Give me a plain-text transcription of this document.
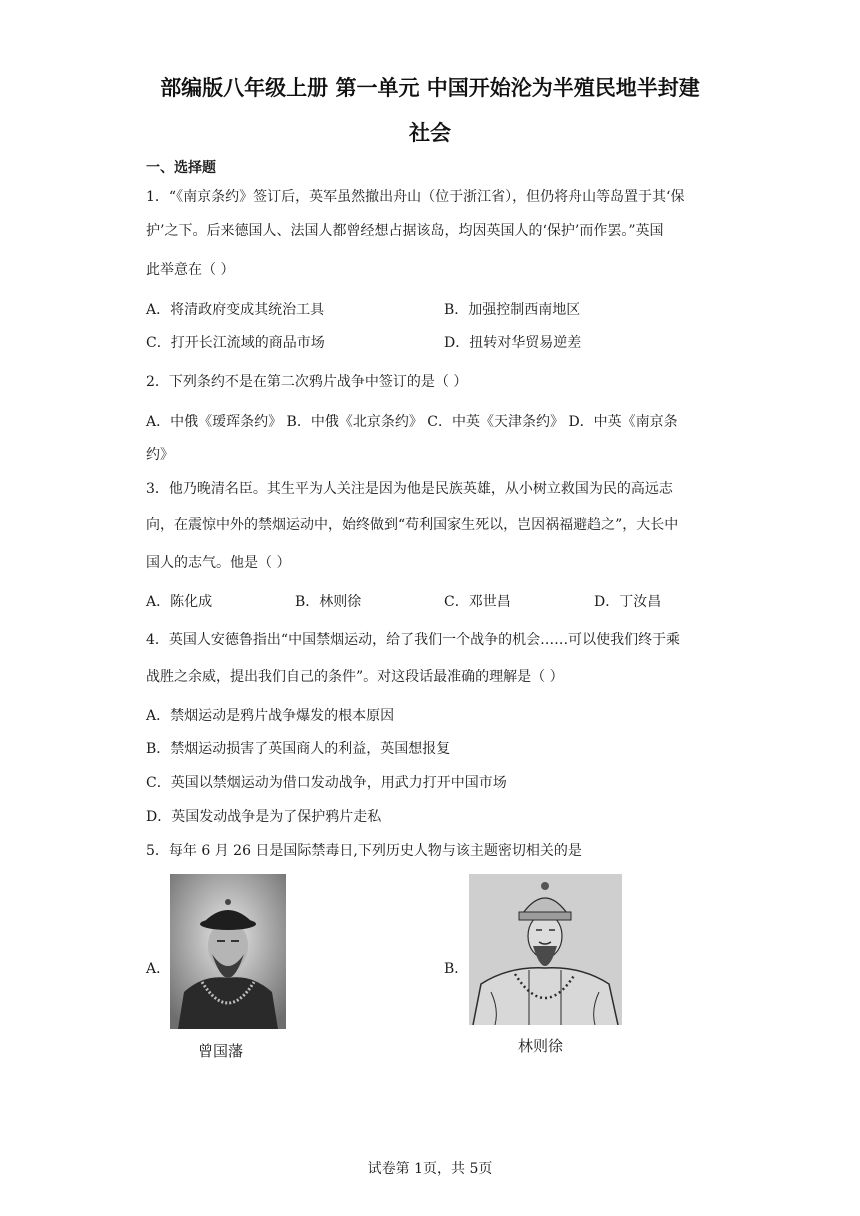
部编版八年级上册 第一单元 中国开始沦为半殖民地半封建
社会
一、选择题
1．“《南京条约》签订后，英军虽然撤出舟山（位于浙江省），但仍将舟山等岛置于其‘保
护’之下。后来德国人、法国人都曾经想占据该岛，均因英国人的‘保护’而作罢。”英国
此举意在（ ）
A．将清政府变成其统治工具	B．加强控制西南地区
C．打开长江流域的商品市场	D．扭转对华贸易逆差
2．下列条约不是在第二次鸦片战争中签订的是（ ）
A．中俄《瑷珲条约》 B．中俄《北京条约》 C．中英《天津条约》 D．中英《南京条
约》
3．他乃晚清名臣。其生平为人关注是因为他是民族英雄，从小树立救国为民的高远志
向，在震惊中外的禁烟运动中，始终做到“苟利国家生死以，岂因祸福避趋之”，大长中
国人的志气。他是（ ）
A．陈化成	B．林则徐	C．邓世昌	D．丁汝昌
4．英国人安德鲁指出“中国禁烟运动，给了我们一个战争的机会……可以使我们终于乘
战胜之余威，提出我们自己的条件”。对这段话最准确的理解是（ ）
A．禁烟运动是鸦片战争爆发的根本原因
B．禁烟运动损害了英国商人的利益，英国想报复
C．英国以禁烟运动为借口发动战争，用武力打开中国市场
D．英国发动战争是为了保护鸦片走私
5．每年 6 月 26 日是国际禁毒日,下列历史人物与该主题密切相关的是
A．
曾国藩
B．
林则徐
试卷第 1页，共 5页
